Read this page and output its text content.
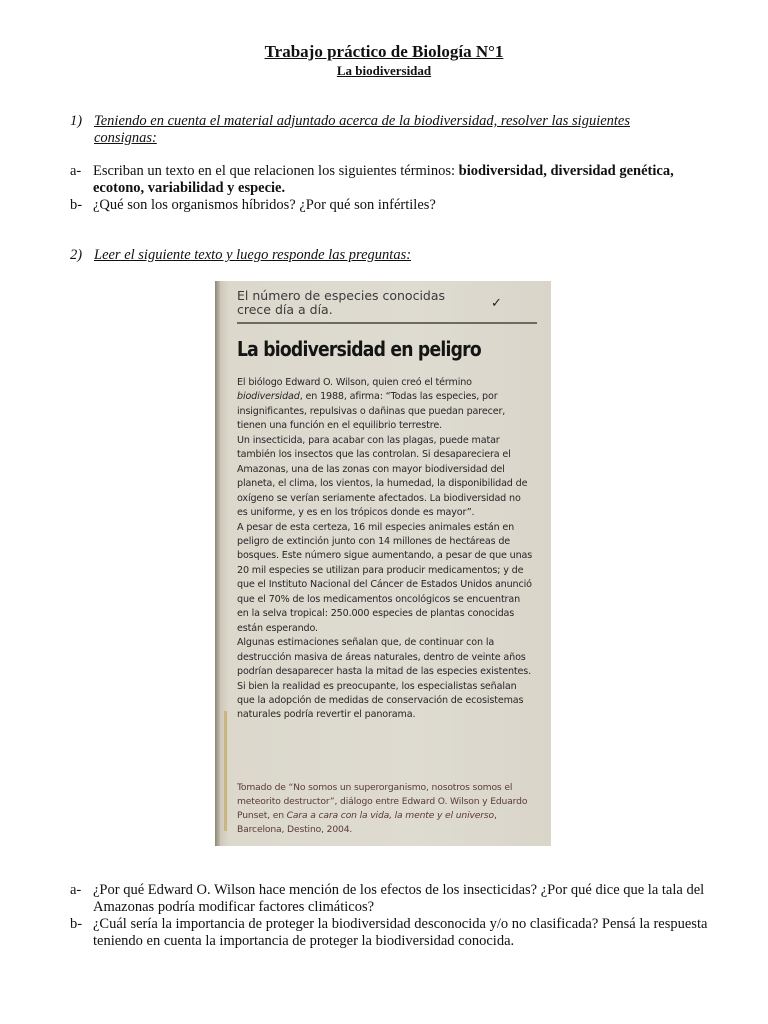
Trabajo práctico de Biología N°1
La biodiversidad
1) Teniendo en cuenta el material adjuntado acerca de la biodiversidad, resolver las siguientes
consignas:
a- Escriban un texto en el que relacionen los siguientes términos: biodiversidad, diversidad genética, ecotono, variabilidad y especie.
b- ¿Qué son los organismos híbridos? ¿Por qué son infértiles?
2) Leer el siguiente texto y luego responde las preguntas:
El número de especies conocidas
crece día a día.	✓
La biodiversidad en peligro

El biólogo Edward O. Wilson, quien creó el término biodiversidad, en 1988, afirma: “Todas las especies, por insignificantes, repulsivas o dañinas que puedan parecer, tienen una función en el equilibrio terrestre.

Un insecticida, para acabar con las plagas, puede matar también los insectos que las controlan. Si desapareciera el Amazonas, una de las zonas con mayor biodiversidad del planeta, el clima, los vientos, la humedad, la disponibilidad de oxígeno se verían seriamente afectados. La biodiversidad no es uniforme, y es en los trópicos donde es mayor”.

A pesar de esta certeza, 16 mil especies animales están en peligro de extinción junto con 14 millones de hectáreas de bosques. Este número sigue aumentando, a pesar de que unas 20 mil especies se utilizan para producir medicamentos; y de que el Instituto Nacional del Cáncer de Estados Unidos anunció que el 70% de los medicamentos oncológicos se encuentran en la selva tropical: 250.000 especies de plantas conocidas están esperando.

Algunas estimaciones señalan que, de continuar con la destrucción masiva de áreas naturales, dentro de veinte años podrían desaparecer hasta la mitad de las especies existentes.

Si bien la realidad es preocupante, los especialistas señalan que la adopción de medidas de conservación de ecosistemas naturales podría revertir el panorama.

Tomado de “No somos un superorganismo, nosotros somos el meteorito destructor”, diálogo entre Edward O. Wilson y Eduardo Punset, en Cara a cara con la vida, la mente y el universo, Barcelona, Destino, 2004.
a- ¿Por qué Edward O. Wilson hace mención de los efectos de los insecticidas? ¿Por qué dice que la tala del Amazonas podría modificar factores climáticos?
b- ¿Cuál sería la importancia de proteger la biodiversidad desconocida y/o no clasificada? Pensá la respuesta teniendo en cuenta la importancia de proteger la biodiversidad conocida.
